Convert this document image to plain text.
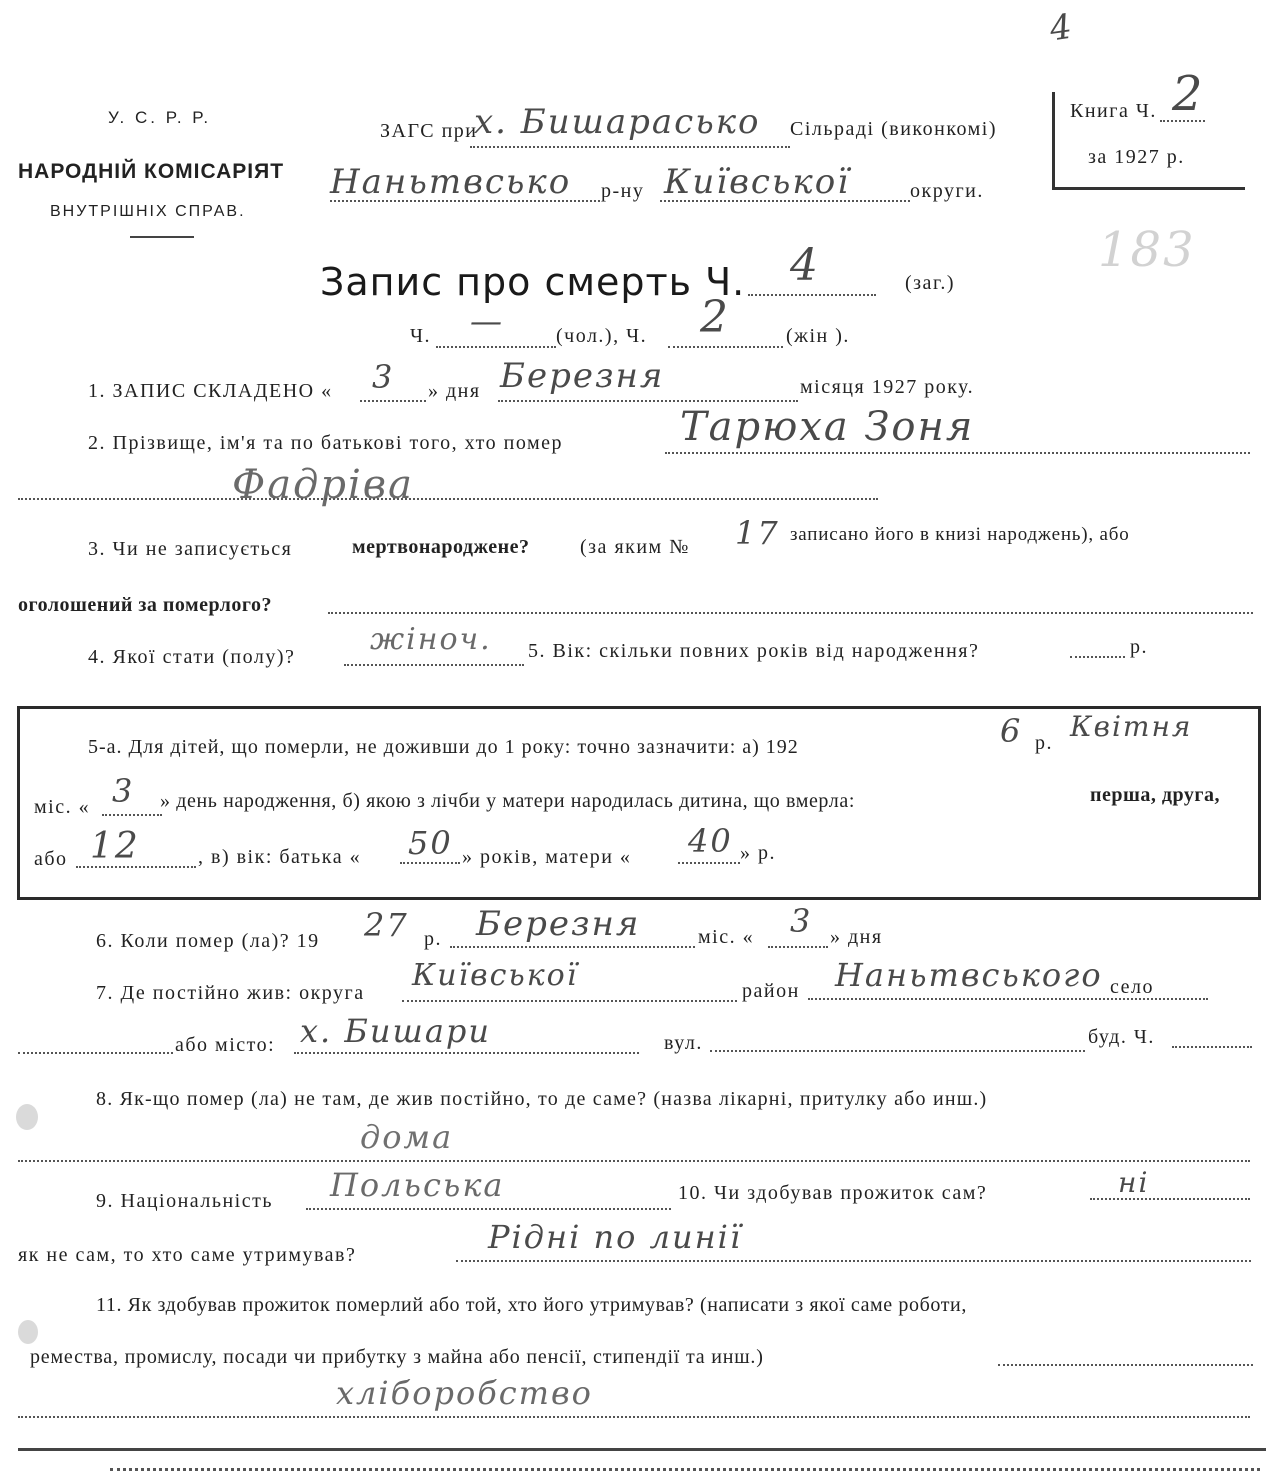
4
183
У. С. Р. Р.
НАРОДНІЙ КОМІСАРІЯТ
ВНУТРІШНІХ СПРАВ.
ЗАГС при
х. Бишарасько Сільраді (виконкомі)
Наньтвсько р-ну Київської	округи.
Книга Ч. 2
за 1927 р.
Запис про смерть Ч. 4	(заг.)
Ч. —	(чол.), Ч. 2	(жін ).
1. ЗАПИС СКЛАДЕНО « 3 » дня Березня	місяця 1927 року.
2. Прізвище, ім'я та по батькові того, хто помер	Тарюха Зоня
Фадріва
3. Чи не записується	мертвонароджене?	(за яким № 17 записано його в книзі народжень), або
оголошений за померлого?
4. Якої стати (полу)? жіноч. 5. Вік: скільки повних років від народження?	р.
5-а. Для дітей, що померли, не доживши до 1 року: точно зазначити: а) 192	6 р. Квітня
міс. « 3 » день народження, б) якою з лічби у матери народилась дитина, що вмерла:	перша, друга,
або 12	, в) вік: батька « 50 » років, матери « 40 » р.
6. Коли помер (ла)? 19 27 р. Березня	міс. « 3 » дня
7. Де постійно жив: округа Київської	район Наньтвського село
або місто: х. Бишари	вул.	буд. Ч.
8. Як-що помер (ла) не там, де жив постійно, то де саме? (назва лікарні, притулку або инш.)
дома
9. Національність Польська	10. Чи здобував прожиток сам?	ні
як не сам, то хто саме утримував?	Рідні по линії
11. Як здобував прожиток померлий або той, хто його утримував? (написати з якої саме роботи,
ремества, промислу, посади чи прибутку з майна або пенсії, стипендії та инш.)
хліборобство
